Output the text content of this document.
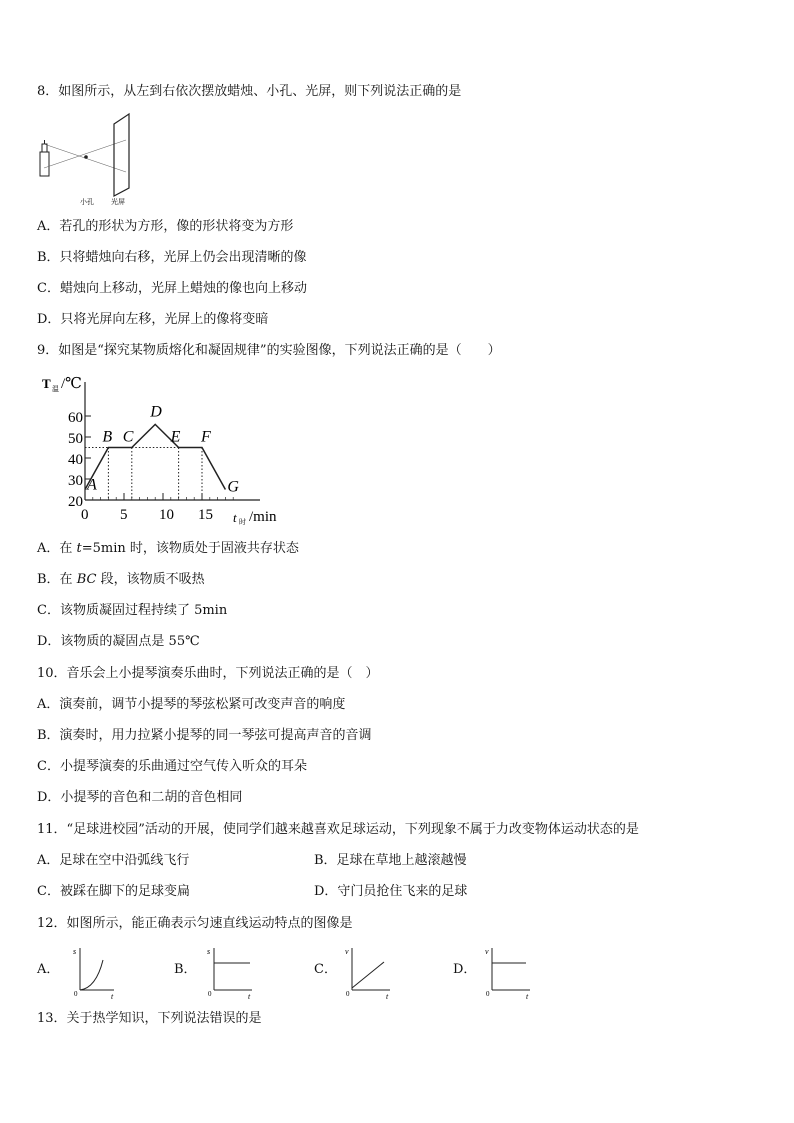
8．如图所示，从左到右依次摆放蜡烛、小孔、光屏，则下列说法正确的是
小孔 光屏
A．若孔的形状为方形，像的形状将变为方形
B．只将蜡烛向右移，光屏上仍会出现清晰的像
C．蜡烛向上移动，光屏上蜡烛的像也向上移动
D．只将光屏向左移，光屏上的像将变暗
9．如图是“探究某物质熔化和凝固规律”的实验图像，下列说法正确的是（　　）
T 温 /℃
t 时 /min
20
30
40
50
60
0 5 10 15
A
B C
D
E F
G
A．在 t=5min 时，该物质处于固液共存状态
B．在 BC 段，该物质不吸热
C．该物质凝固过程持续了 5min
D．该物质的凝固点是 55℃
10．音乐会上小提琴演奏乐曲时，下列说法正确的是（　）
A．演奏前，调节小提琴的琴弦松紧可改变声音的响度
B．演奏时，用力拉紧小提琴的同一琴弦可提高声音的音调
C．小提琴演奏的乐曲通过空气传入听众的耳朵
D．小提琴的音色和二胡的音色相同
11．“足球进校园”活动的开展，使同学们越来越喜欢足球运动，下列现象不属于力改变物体运动状态的是
A．足球在空中沿弧线飞行	B．足球在草地上越滚越慢
C．被踩在脚下的足球变扁	D．守门员抢住飞来的足球
12．如图所示，能正确表示匀速直线运动特点的图像是
A．
s
t
0
B．
s
t
0
C．
v
t
0
D．
v
t
0
13．关于热学知识，下列说法错误的是
